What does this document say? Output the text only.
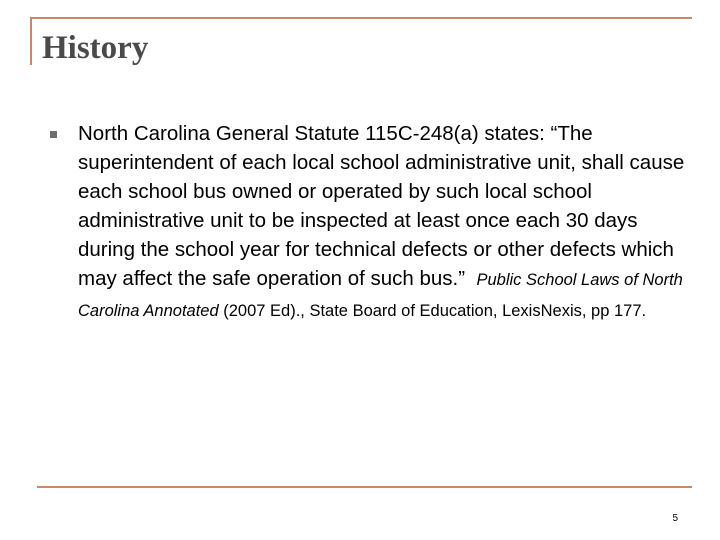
History

North Carolina General Statute 115C-248(a) states: “The superintendent of each local school administrative unit, shall cause each school bus owned or operated by such local school administrative unit to be inspected at least once each 30 days during the school year for technical defects or other defects which may affect the safe operation of such bus.” Public School Laws of North Carolina Annotated (2007 Ed)., State Board of Education, LexisNexis, pp 177.

5
